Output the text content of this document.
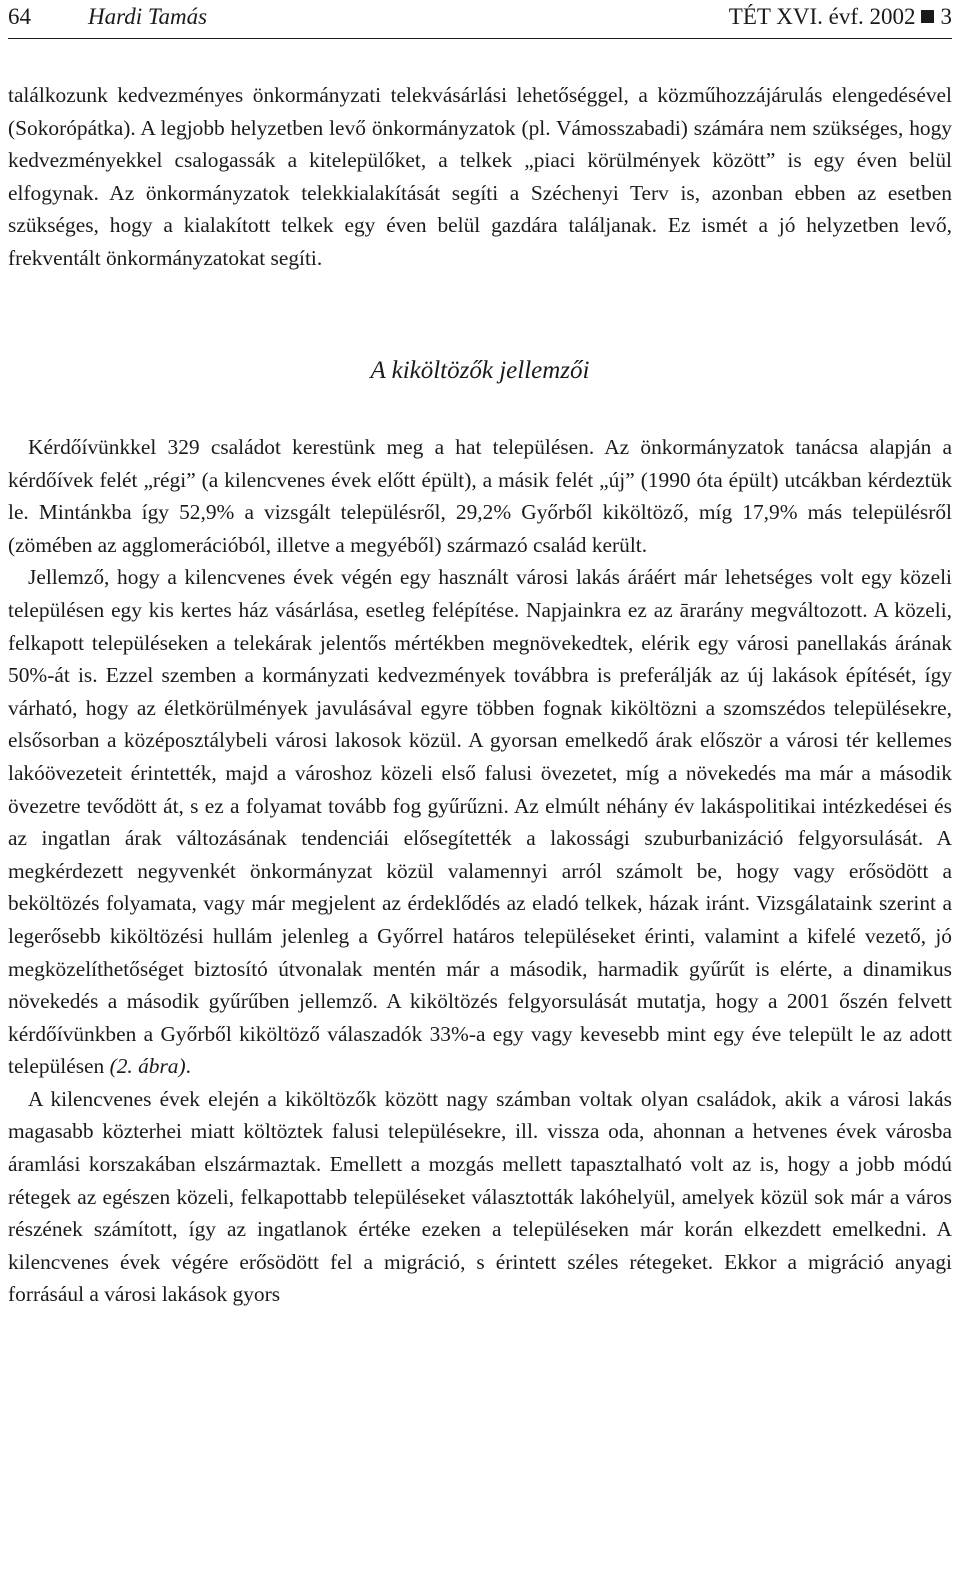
64 Hardi Tamás	TÉT XVI. évf. 2002 3

találkozunk kedvezményes önkormányzati telekvásárlási lehetőséggel, a közműhozzájárulás elengedésével (Sokorópátka). A legjobb helyzetben levő önkormányzatok (pl. Vámosszabadi) számára nem szükséges, hogy kedvezményekkel csalogassák a kitelepülőket, a telkek „piaci körülmények között” is egy éven belül elfogynak. Az önkormányzatok telekkialakítását segíti a Széchenyi Terv is, azonban ebben az esetben szükséges, hogy a kialakított telkek egy éven belül gazdára találjanak. Ez ismét a jó helyzetben levő, frekventált önkormányzatokat segíti.

A kiköltözők jellemzői

Kérdőívünkkel 329 családot kerestünk meg a hat településen. Az önkormányzatok tanácsa alapján a kérdőívek felét „régi” (a kilencvenes évek előtt épült), a másik felét „új” (1990 óta épült) utcákban kérdeztük le. Mintánkba így 52,9% a vizsgált településről, 29,2% Győrből kiköltöző, míg 17,9% más településről (zömében az agglomerációból, illetve a megyéből) származó család került.

Jellemző, hogy a kilencvenes évek végén egy használt városi lakás áráért már lehetséges volt egy közeli településen egy kis kertes ház vásárlása, esetleg felépítése. Napjainkra ez az ārarány megváltozott. A közeli, felkapott településeken a telekárak jelentős mértékben megnövekedtek, elérik egy városi panellakás árának 50%-át is. Ezzel szemben a kormányzati kedvezmények továbbra is preferálják az új lakások építését, így várható, hogy az életkörülmények javulásával egyre többen fognak kiköltözni a szomszédos településekre, elsősorban a középosztálybeli városi lakosok közül. A gyorsan emelkedő árak először a városi tér kellemes lakóövezeteit érintették, majd a városhoz közeli első falusi övezetet, míg a növekedés ma már a második övezetre tevődött át, s ez a folyamat tovább fog gyűrűzni. Az elmúlt néhány év lakáspolitikai intézkedései és az ingatlan árak változásának tendenciái elősegítették a lakossági szuburbanizáció felgyorsulását. A megkérdezett negyvenkét önkormányzat közül valamennyi arról számolt be, hogy vagy erősödött a beköltözés folyamata, vagy már megjelent az érdeklődés az eladó telkek, házak iránt. Vizsgálataink szerint a legerősebb kiköltözési hullám jelenleg a Győrrel határos településeket érinti, valamint a kifelé vezető, jó megközelíthetőséget biztosító útvonalak mentén már a második, harmadik gyűrűt is elérte, a dinamikus növekedés a második gyűrűben jellemző. A kiköltözés felgyorsulását mutatja, hogy a 2001 őszén felvett kérdőívünkben a Győrből kiköltöző válaszadók 33%-a egy vagy kevesebb mint egy éve települt le az adott településen (2. ábra).

A kilencvenes évek elején a kiköltözők között nagy számban voltak olyan családok, akik a városi lakás magasabb közterhei miatt költöztek falusi településekre, ill. vissza oda, ahonnan a hetvenes évek városba áramlási korszakában elszármaztak. Emellett a mozgás mellett tapasztalható volt az is, hogy a jobb módú rétegek az egészen közeli, felkapottabb településeket választották lakóhelyül, amelyek közül sok már a város részének számított, így az ingatlanok értéke ezeken a településeken már korán elkezdett emelkedni. A kilencvenes évek végére erősödött fel a migráció, s érintett széles rétegeket. Ekkor a migráció anyagi forrásául a városi lakások gyors
